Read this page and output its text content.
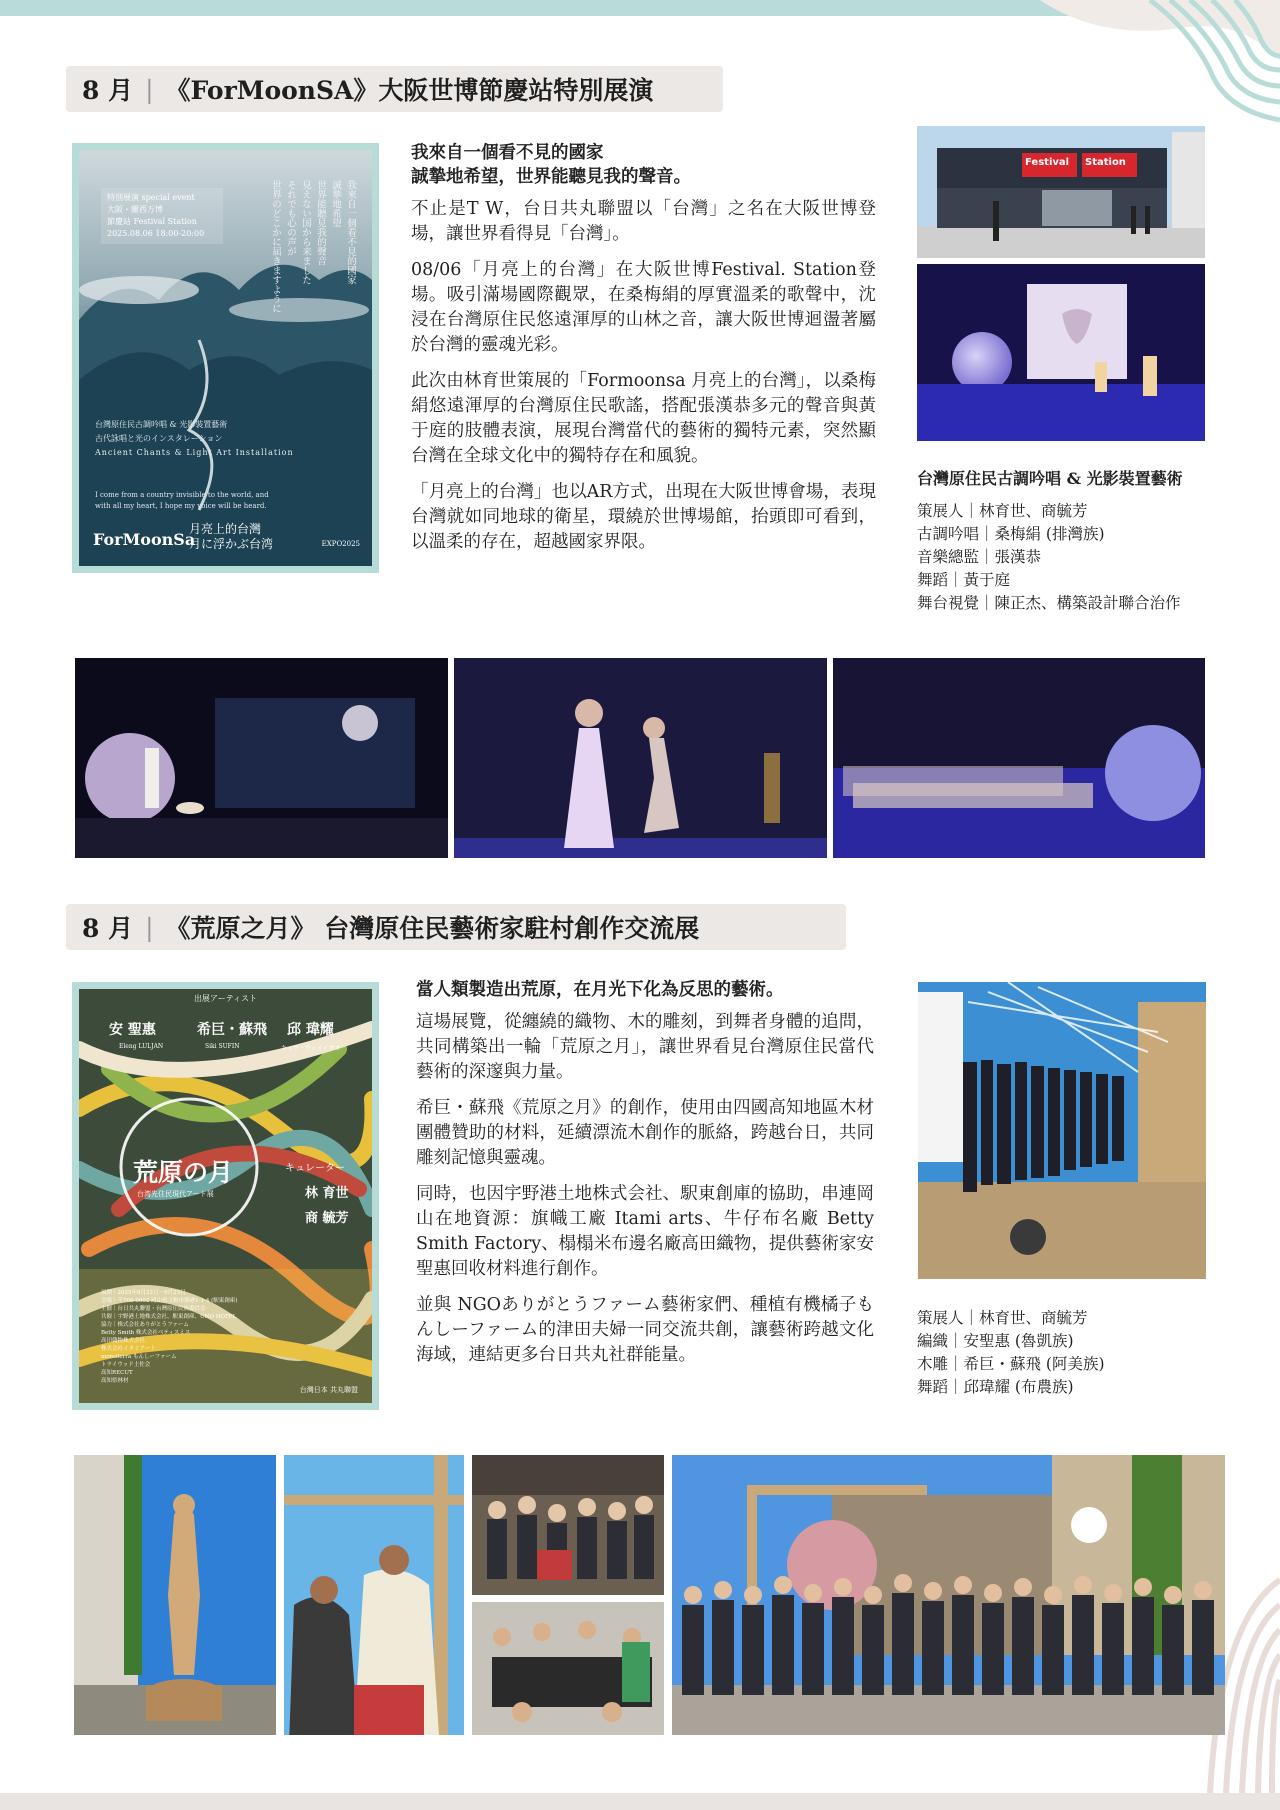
8 月 | 《ForMoonSA》大阪世博節慶站特別展演
特別展演 special event
大阪・關西万博
節慶站 Festival Station
2025.08.06 18:00-20:00	我來自一個看不見的國家
誠摯地希望
世界能聽見我的聲音
見えない国から来ました
それでも心の声が
世界のどこかに届きますように
台灣原住民古調吟唱 & 光影裝置藝術
古代詠唱と光のインスタレーション
Ancient Chants & Light Art Installation
I come from a country invisible to the world, and with all my heart, I hope my voice will be heard.
ForMoonSa
月亮上的台灣
月に浮かぶ台湾	EXPO2025
我來自一個看不見的國家
誠摯地希望，世界能聽見我的聲音。

不止是T W，台日共丸聯盟以「台灣」之名在大阪世博登場，讓世界看得見「台灣」。

08/06「月亮上的台灣」在大阪世博Festival. Station登場。吸引滿場國際觀眾，在桑梅絹的厚實溫柔的歌聲中，沈浸在台灣原住民悠遠渾厚的山林之音，讓大阪世博迴盪著屬於台灣的靈魂光彩。

此次由林育世策展的「Formoonsa 月亮上的台灣」，以桑梅絹悠遠渾厚的台灣原住民歌謠，搭配張漢恭多元的聲音與黃于庭的肢體表演，展現台灣當代的藝術的獨特元素，突然顯台灣在全球文化中的獨特存在和風貌。

「月亮上的台灣」也以AR方式，出現在大阪世博會場，表現台灣就如同地球的衛星，環繞於世博場館，抬頭即可看到，以溫柔的存在，超越國家界限。

Festival Station
台灣原住民古調吟唱 & 光影裝置藝術
策展人｜林育世、商毓芳
古調吟唱｜桑梅絹 (排灣族)
音樂總監｜張漢恭
舞蹈｜黃于庭
舞台視覺｜陳正杰、構築設計聯合治作
8 月 | 《荒原之月》 台灣原住民藝術家駐村創作交流展
出展アーティスト
安 聖惠	希巨・蘇飛 邱 瑋耀
Eleng LULJAN	Siki SUFIN	キュウ・ウェイイヤオ
荒原の月
台湾先住民現代アート展
キュレーター
林 育世
商 毓芳
展期｜2025年8月22日～9月23日
会場｜〒706-0002 岡山県玉野市築港1-1-4 (駅東創庫)
主催｜台日共丸聯盟・台灣原住民族委員会
共催｜宇野港土地株式会社、駅東創庫、UNO HOTEL
協力｜株式会社ありがとうファーム
Betty Smith 株式会社ベティスミス
高田織物株式会社
株式会社イタミアート
monsilerra もんしーファーム
トライウッド土佐会
高知RECUT
高知県林材
台灣日本 共丸聯盟
當人類製造出荒原，在月光下化為反思的藝術。

這場展覽，從纏繞的織物、木的雕刻，到舞者身體的追問，共同構築出一輪「荒原之月」，讓世界看見台灣原住民當代藝術的深邃與力量。

希巨・蘇飛《荒原之月》的創作，使用由四國高知地區木材團體贊助的材料，延續漂流木創作的脈絡，跨越台日，共同雕刻記憶與靈魂。

同時，也因宇野港土地株式会社、駅東創庫的協助，串連岡山在地資源：旗幟工廠 Itami arts、牛仔布名廠 Betty Smith Factory、榻榻米布邊名廠高田織物，提供藝術家安聖惠回收材料進行創作。

並與 NGOありがとうファーム藝術家們、種植有機橘子もんしーファーム的津田夫婦一同交流共創，讓藝術跨越文化海域，連結更多台日共丸社群能量。

策展人｜林育世、商毓芳
編織｜安聖惠 (魯凱族)
木雕｜希巨・蘇飛 (阿美族)
舞蹈｜邱瑋耀 (布農族)
